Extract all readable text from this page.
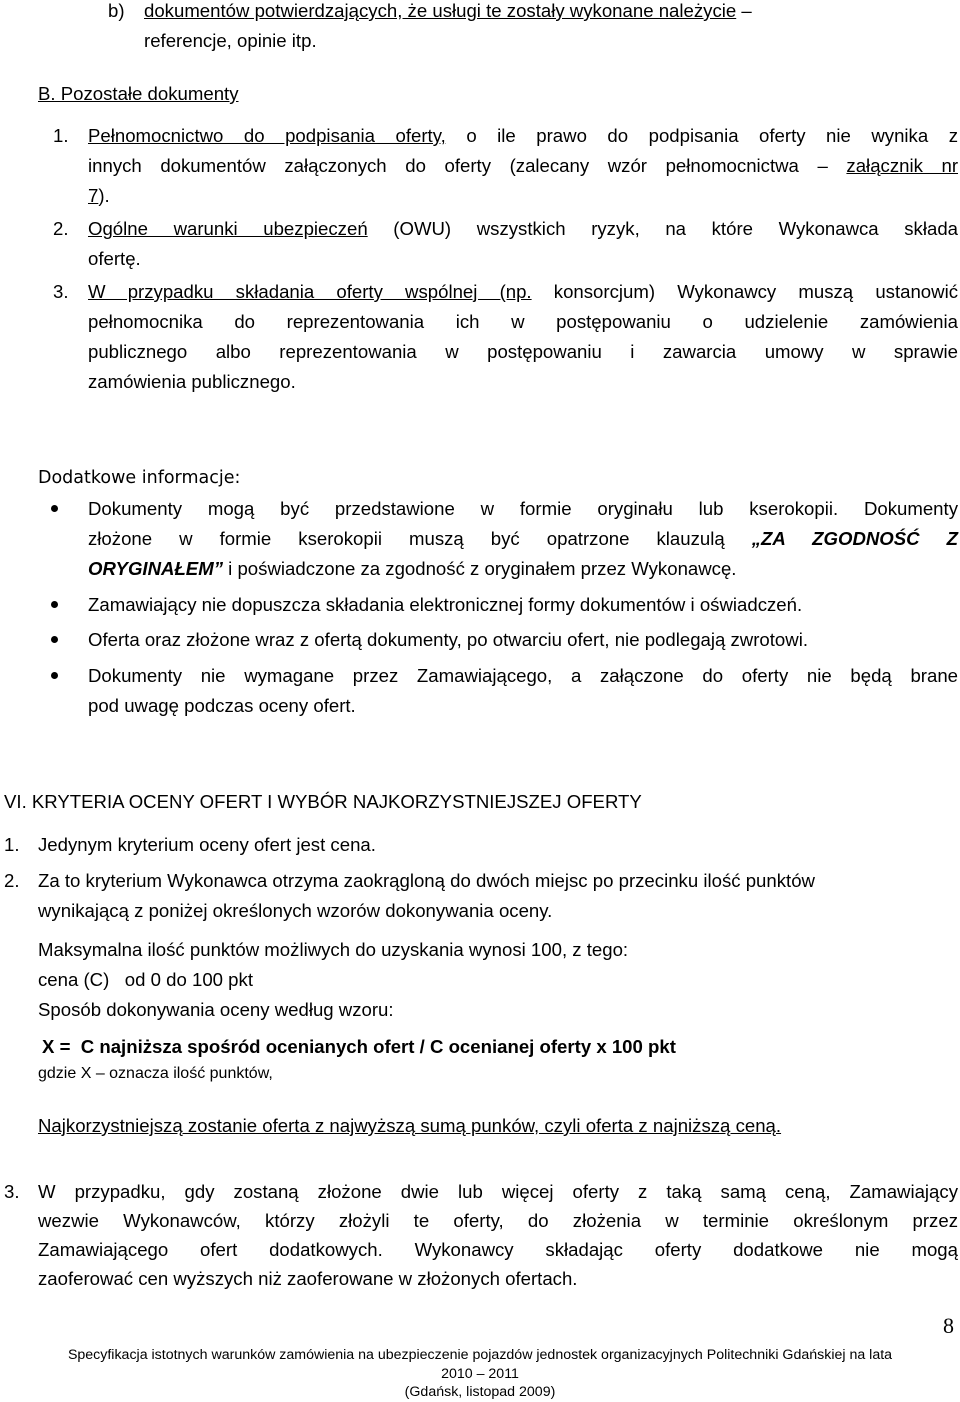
b) dokumentów potwierdzających, że usługi te zostały wykonane należycie –
referencje, opinie itp.
B. Pozostałe dokumenty
1. Pełnomocnictwo do podpisania oferty, o ile prawo do podpisania oferty nie wynika z
innych dokumentów załączonych do oferty (zalecany wzór pełnomocnictwa – załącznik nr
7).
2. Ogólne warunki ubezpieczeń (OWU) wszystkich ryzyk, na które Wykonawca składa
ofertę.
3. W przypadku składania oferty wspólnej (np. konsorcjum) Wykonawcy muszą ustanowić
pełnomocnika do reprezentowania ich w postępowaniu o udzielenie zamówienia
publicznego albo reprezentowania w postępowaniu i zawarcia umowy w sprawie
zamówienia publicznego.
Dodatkowe informacje:
Dokumenty mogą być przedstawione w formie oryginału lub kserokopii. Dokumenty
złożone w formie kserokopii muszą być opatrzone klauzulą „ZA ZGODNOŚĆ Z
ORYGINAŁEM” i poświadczone za zgodność z oryginałem przez Wykonawcę.
Zamawiający nie dopuszcza składania elektronicznej formy dokumentów i oświadczeń.
Oferta oraz złożone wraz z ofertą dokumenty, po otwarciu ofert, nie podlegają zwrotowi.
Dokumenty nie wymagane przez Zamawiającego, a załączone do oferty nie będą brane
pod uwagę podczas oceny ofert.
VI. KRYTERIA OCENY OFERT I WYBÓR NAJKORZYSTNIEJSZEJ OFERTY
1. Jedynym kryterium oceny ofert jest cena.
2. Za to kryterium Wykonawca otrzyma zaokrągloną do dwóch miejsc po przecinku ilość punktów
wynikającą z poniżej określonych wzorów dokonywania oceny.
Maksymalna ilość punktów możliwych do uzyskania wynosi 100, z tego:
cena (C)   od 0 do 100 pkt
Sposób dokonywania oceny według wzoru:
X =  C najniższa spośród ocenianych ofert / C ocenianej oferty x 100 pkt
gdzie X – oznacza ilość punktów,
Najkorzystniejszą zostanie oferta z najwyższą sumą punków, czyli oferta z najniższą ceną.
3. W przypadku, gdy zostaną złożone dwie lub więcej oferty z taką samą ceną, Zamawiający
wezwie Wykonawców, którzy złożyli te oferty, do złożenia w terminie określonym przez
Zamawiającego ofert dodatkowych. Wykonawcy składając oferty dodatkowe nie mogą
zaoferować cen wyższych niż zaoferowane w złożonych ofertach.
8
Specyfikacja istotnych warunków zamówienia na ubezpieczenie pojazdów jednostek organizacyjnych Politechniki Gdańskiej na lata
2010 – 2011
(Gdańsk, listopad 2009)
